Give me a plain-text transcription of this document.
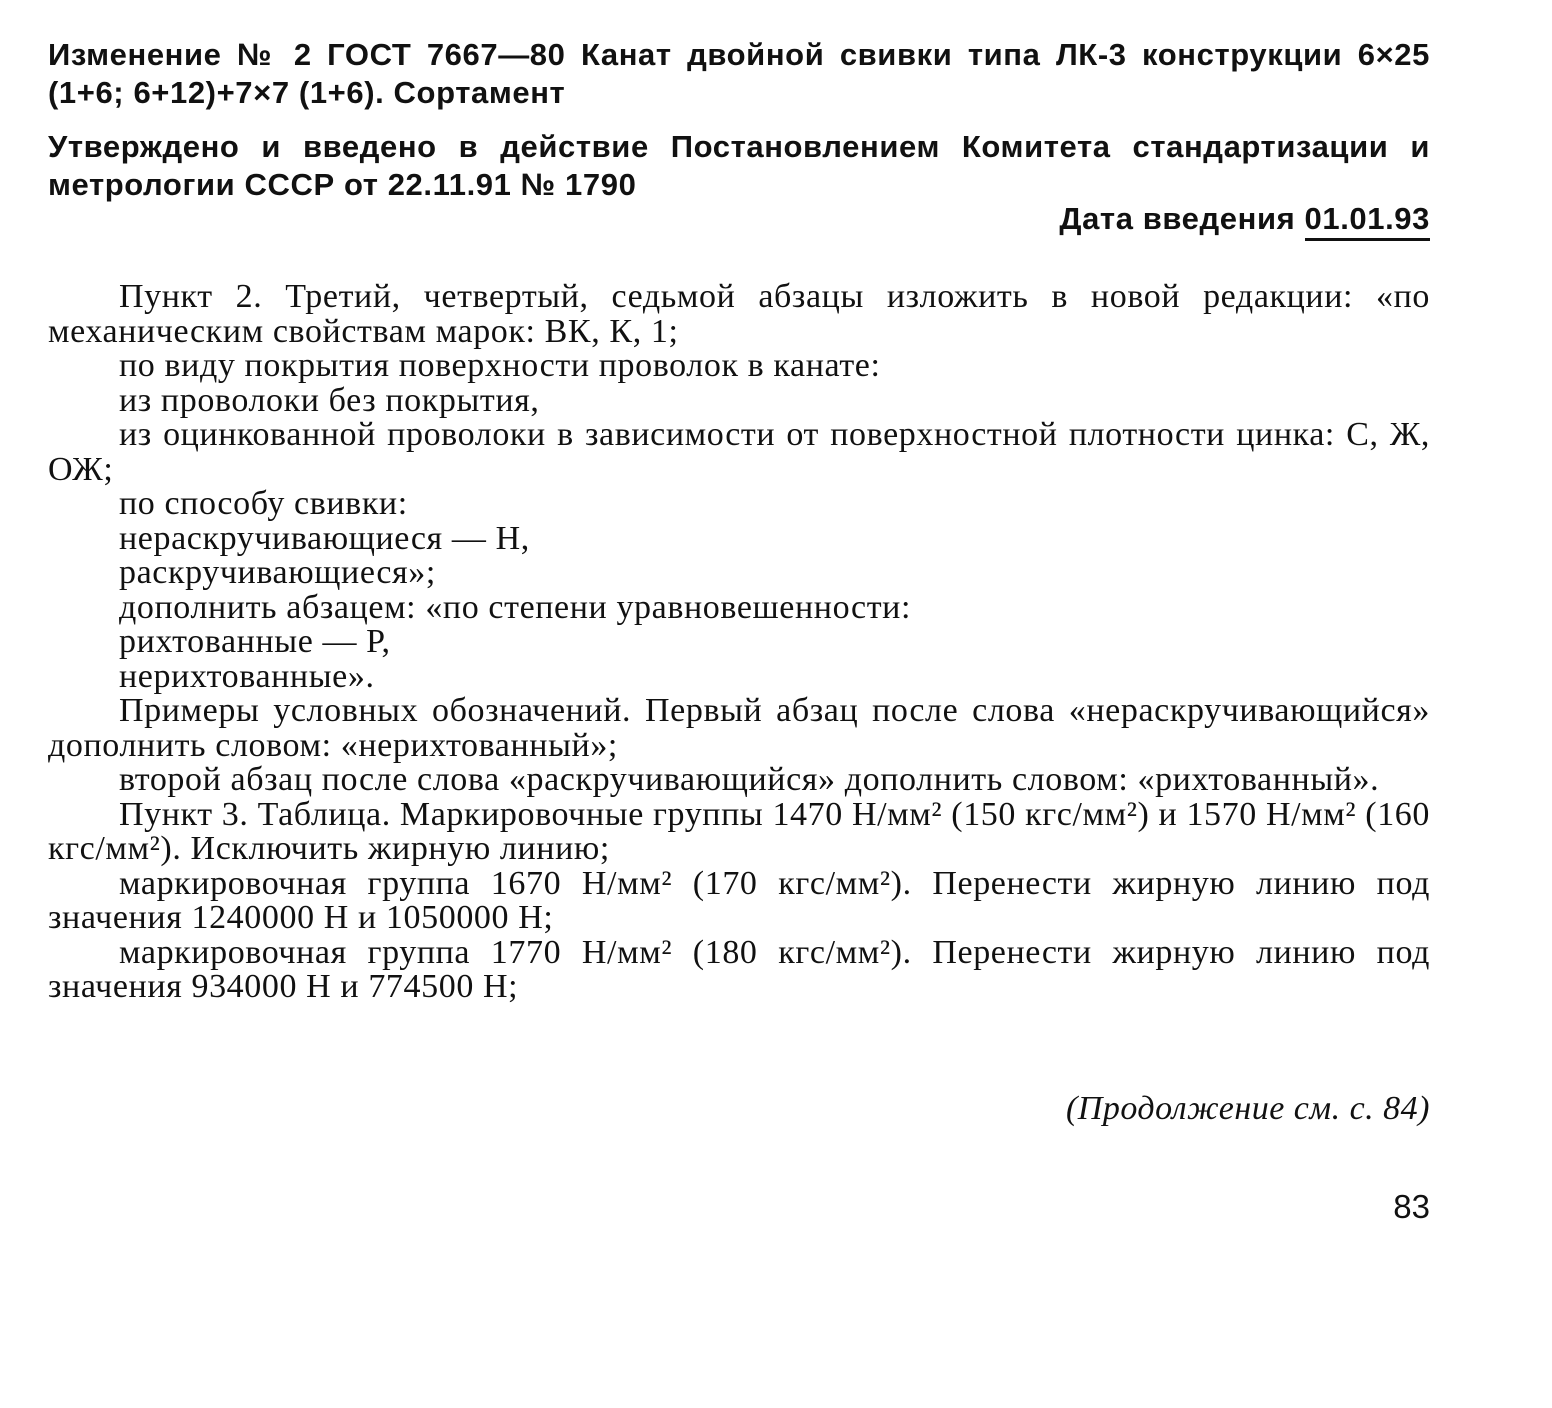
Изменение № 2 ГОСТ 7667—80 Канат двойной свивки типа ЛК-3 конструкции 6×25 (1+6; 6+12)+7×7 (1+6). Сортамент
Утверждено и введено в действие Постановлением Комитета стандартизации и метрологии СССР от 22.11.91 № 1790
Дата введения 01.01.93

Пункт 2. Третий, четвертый, седьмой абзацы изложить в новой редакции: «по механическим свойствам марок: ВК, К, 1;

по виду покрытия поверхности проволок в канате:

из проволоки без покрытия,

из оцинкованной проволоки в зависимости от поверхностной плотности цинка: С, Ж, ОЖ;

по способу свивки:

нераскручивающиеся — Н,

раскручивающиеся»;

дополнить абзацем: «по степени уравновешенности:

рихтованные — Р,

нерихтованные».

Примеры условных обозначений. Первый абзац после слова «нераскручивающийся» дополнить словом: «нерихтованный»;

второй абзац после слова «раскручивающийся» дополнить словом: «рихтованный».

Пункт 3. Таблица. Маркировочные группы 1470 Н/мм² (150 кгс/мм²) и 1570 Н/мм² (160 кгс/мм²). Исключить жирную линию;

маркировочная группа 1670 Н/мм² (170 кгс/мм²). Перенести жирную линию под значения 1240000 Н и 1050000 Н;

маркировочная группа 1770 Н/мм² (180 кгс/мм²). Перенести жирную линию под значения 934000 Н и 774500 Н;

(Продолжение см. с. 84)
83
